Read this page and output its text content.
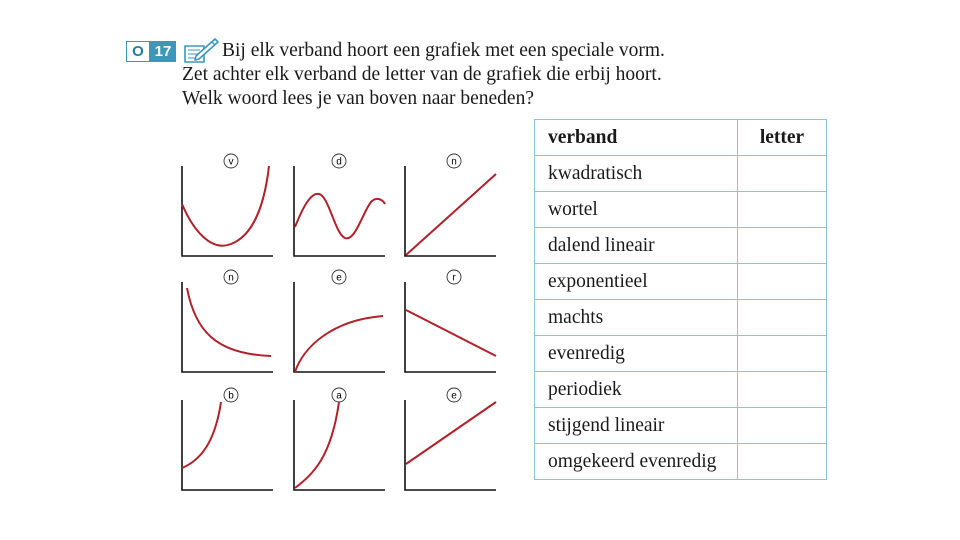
O 17	Bij elk verband hoort een grafiek met een speciale vorm.
Zet achter elk verband de letter van de grafiek die erbij hoort.
Welk woord lees je van boven naar beneden?
v	d	n
n	e	r
b	a	e
verband	letter
kwadratisch	
wortel	
dalend lineair	
exponentieel	
machts	
evenredig	
periodiek	
stijgend lineair	
omgekeerd evenredig	
